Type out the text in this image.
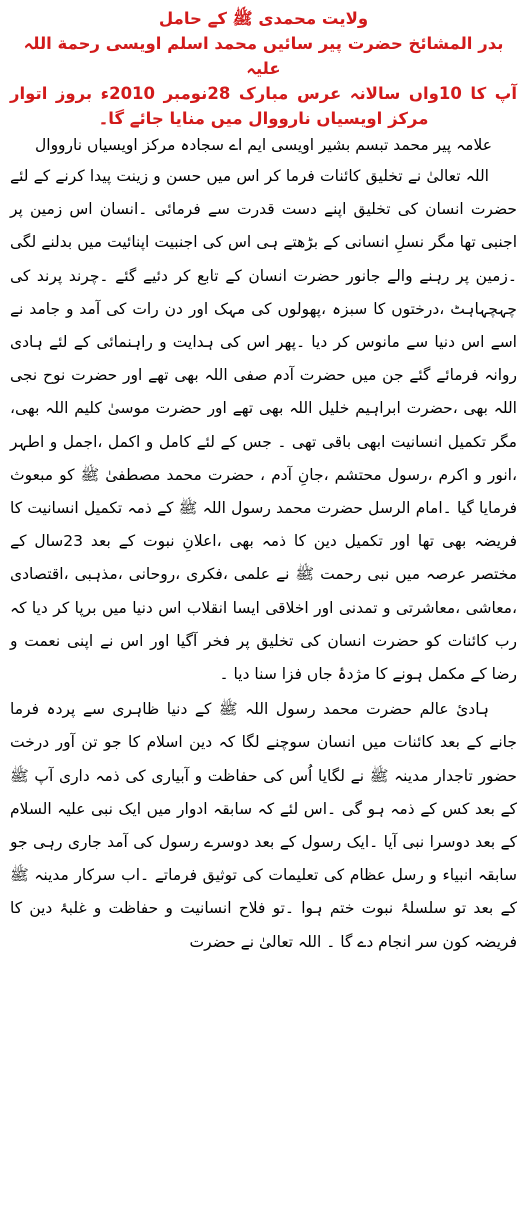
ولایت محمدی ﷺ کے حامل
بدر المشائخ حضرت پیر سائیں محمد اسلم اویسی رحمة اللہ علیہ
آپ کا 10واں سالانہ عرس مبارک 28نومبر 2010ء بروز اتوار مرکز اویسیاں نارووال میں منایا جائے گا۔

علامہ پیر محمد تبسم بشیر اویسی ایم اے سجادہ مرکز اویسیاں نارووال

اللہ تعالیٰ نے تخلیق کائنات فرما کر اس میں حسن و زینت پیدا کرنے کے لئے حضرت انسان کی تخلیق اپنے دست قدرت سے فرمائی ۔انسان اس زمین پر اجنبی تھا مگر نسلِ انسانی کے بڑھتے ہی اس کی اجنبیت اپنائیت میں بدلنے لگی ۔زمین پر رہنے والے جانور حضرت انسان کے تابع کر دئیے گئے ۔چرند پرند کی چہچہاہٹ ،درختوں کا سبزہ ،پھولوں کی مہک اور دن رات کی آمد و جامد نے اسے اس دنیا سے مانوس کر دیا ۔پھر اس کی ہدایت و راہنمائی کے لئے ہادی روانہ فرمائے گئے جن میں حضرت آدم صفی اللہ بھی تھے اور حضرت نوح نجی اللہ بھی ،حضرت ابراہیم خلیل اللہ بھی تھے اور حضرت موسیٰ کلیم اللہ بھی، مگر تکمیل انسانیت ابھی باقی تھی ۔ جس کے لئے کامل و اکمل ،اجمل و اطہر ،انور و اکرم ،رسول محتشم ،جانِ آدم ، حضرت محمد مصطفیٰ ﷺ کو مبعوث فرمایا گیا ۔امام الرسل حضرت محمد رسول اللہ ﷺ کے ذمہ تکمیل انسانیت کا فریضہ بھی تھا اور تکمیل دین کا ذمہ بھی ،اعلانِ نبوت کے بعد 23سال کے مختصر عرصہ میں نبی رحمت ﷺ نے علمی ،فکری ،روحانی ،مذہبی ،اقتصادی ،معاشی ،معاشرتی و تمدنی اور اخلاقی ایسا انقلاب اس دنیا میں برپا کر دیا کہ رب کائنات کو حضرت انسان کی تخلیق پر فخر آگیا اور اس نے اپنی نعمت و رضا کے مکمل ہونے کا مژدۂ جاں فزا سنا دیا ۔

ہادئ عالم حضرت محمد رسول اللہ ﷺ کے دنیا ظاہری سے پردہ فرما جانے کے بعد کائنات میں انسان سوچنے لگا کہ دین اسلام کا جو تن آور درخت حضور تاجدار مدینہ ﷺ نے لگایا اُس کی حفاظت و آبیاری کی ذمہ داری آپ ﷺ کے بعد کس کے ذمہ ہو گی ۔اس لئے کہ سابقہ ادوار میں ایک نبی علیہ السلام کے بعد دوسرا نبی آیا ۔ایک رسول کے بعد دوسرے رسول کی آمد جاری رہی جو سابقہ انبیاء و رسل عظام کی تعلیمات کی توثیق فرماتے ۔اب سرکار مدینہ ﷺ کے بعد تو سلسلۂ نبوت ختم ہوا ۔تو فلاح انسانیت و حفاظت و غلبۂ دین کا فریضہ کون سر انجام دے گا ۔ اللہ تعالیٰ نے حضرت
